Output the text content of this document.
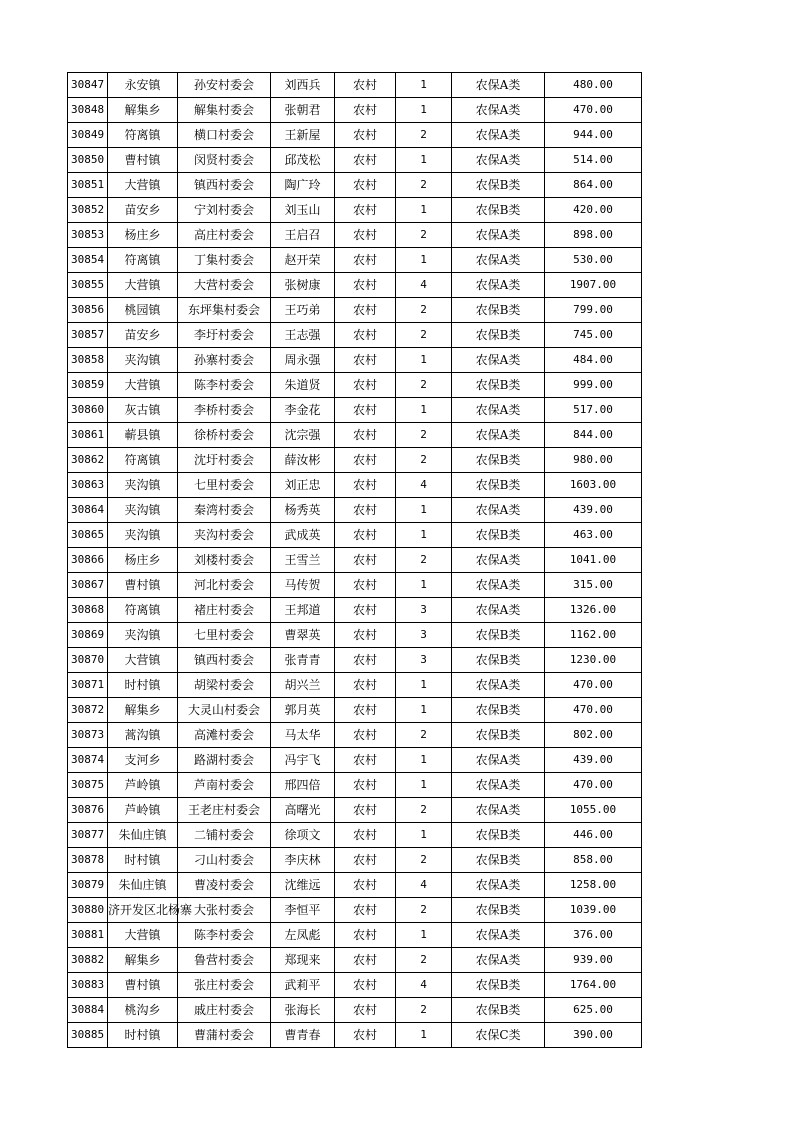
30847	永安镇	孙安村委会	刘西兵	农村	1	农保A类	480.00
30848	解集乡	解集村委会	张朝君	农村	1	农保A类	470.00
30849	符离镇	横口村委会	王新屋	农村	2	农保A类	944.00
30850	曹村镇	闵贤村委会	邱茂松	农村	1	农保A类	514.00
30851	大营镇	镇西村委会	陶广玲	农村	2	农保B类	864.00
30852	苗安乡	宁刘村委会	刘玉山	农村	1	农保B类	420.00
30853	杨庄乡	高庄村委会	王启召	农村	2	农保A类	898.00
30854	符离镇	丁集村委会	赵开荣	农村	1	农保A类	530.00
30855	大营镇	大营村委会	张树康	农村	4	农保A类	1907.00
30856	桃园镇	东坪集村委会	王巧弟	农村	2	农保B类	799.00
30857	苗安乡	李圩村委会	王志强	农村	2	农保B类	745.00
30858	夹沟镇	孙寨村委会	周永强	农村	1	农保A类	484.00
30859	大营镇	陈李村委会	朱道贤	农村	2	农保B类	999.00
30860	灰古镇	李桥村委会	李金花	农村	1	农保A类	517.00
30861	蕲县镇	徐桥村委会	沈宗强	农村	2	农保A类	844.00
30862	符离镇	沈圩村委会	薛汝彬	农村	2	农保B类	980.00
30863	夹沟镇	七里村委会	刘正忠	农村	4	农保B类	1603.00
30864	夹沟镇	秦湾村委会	杨秀英	农村	1	农保A类	439.00
30865	夹沟镇	夹沟村委会	武成英	农村	1	农保B类	463.00
30866	杨庄乡	刘楼村委会	王雪兰	农村	2	农保A类	1041.00
30867	曹村镇	河北村委会	马传贺	农村	1	农保A类	315.00
30868	符离镇	褚庄村委会	王邦道	农村	3	农保A类	1326.00
30869	夹沟镇	七里村委会	曹翠英	农村	3	农保B类	1162.00
30870	大营镇	镇西村委会	张青青	农村	3	农保B类	1230.00
30871	时村镇	胡梁村委会	胡兴兰	农村	1	农保A类	470.00
30872	解集乡	大灵山村委会	郭月英	农村	1	农保B类	470.00
30873	蒿沟镇	高滩村委会	马太华	农村	2	农保B类	802.00
30874	支河乡	路湖村委会	冯宇飞	农村	1	农保A类	439.00
30875	芦岭镇	芦南村委会	邢四倍	农村	1	农保A类	470.00
30876	芦岭镇	王老庄村委会	高曙光	农村	2	农保A类	1055.00
30877	朱仙庄镇	二铺村委会	徐项文	农村	1	农保B类	446.00
30878	时村镇	刁山村委会	李庆林	农村	2	农保B类	858.00
30879	朱仙庄镇	曹凌村委会	沈维远	农村	4	农保A类	1258.00
30880	济开发区北杨寨	大张村委会	李恒平	农村	2	农保B类	1039.00
30881	大营镇	陈李村委会	左凤彪	农村	1	农保A类	376.00
30882	解集乡	鲁营村委会	郑现来	农村	2	农保A类	939.00
30883	曹村镇	张庄村委会	武莉平	农村	4	农保B类	1764.00
30884	桃沟乡	戚庄村委会	张海长	农村	2	农保B类	625.00
30885	时村镇	曹蒲村委会	曹青春	农村	1	农保C类	390.00
